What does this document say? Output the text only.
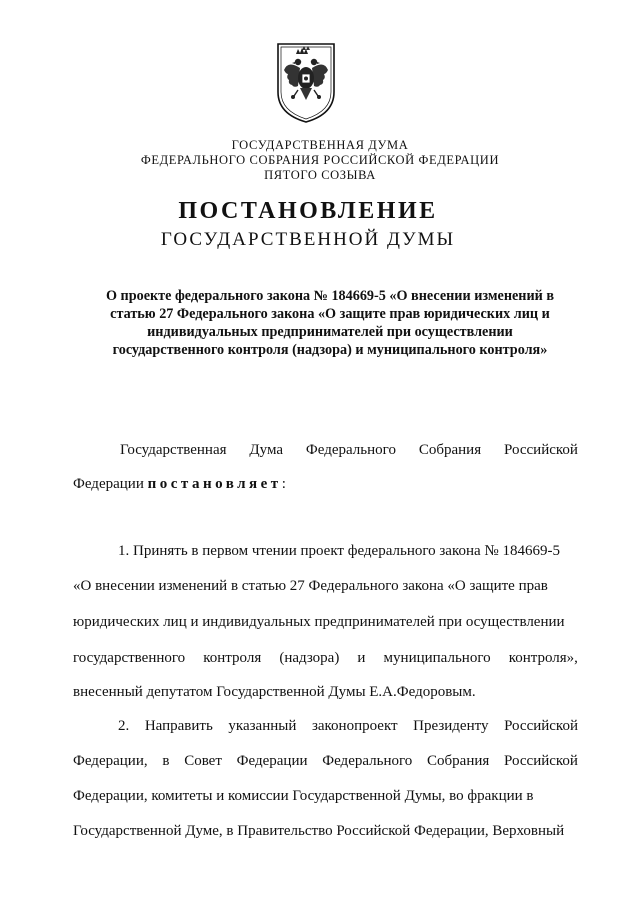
ГОСУДАРСТВЕННАЯ ДУМА
ФЕДЕРАЛЬНОГО СОБРАНИЯ РОССИЙСКОЙ ФЕДЕРАЦИИ
ПЯТОГО СОЗЫВА
ПОСТАНОВЛЕНИЕ
ГОСУДАРСТВЕННОЙ ДУМЫ
О проекте федерального закона № 184669-5 «О внесении изменений в
статью 27 Федерального закона «О защите прав юридических лиц и
индивидуальных предпринимателей при осуществлении
государственного контроля (надзора) и муниципального контроля»
Государственная Дума Федерального Собрания Российской
Федерации постановляет:
1. Принять в первом чтении проект федерального закона № 184669-5
«О внесении изменений в статью 27 Федерального закона «О защите прав
юридических лиц и индивидуальных предпринимателей при осуществлении
государственного контроля (надзора) и муниципального контроля»,
внесенный депутатом Государственной Думы Е.А.Федоровым.
2. Направить указанный законопроект Президенту Российской
Федерации, в Совет Федерации Федерального Собрания Российской
Федерации, комитеты и комиссии Государственной Думы, во фракции в
Государственной Думе, в Правительство Российской Федерации, Верховный
